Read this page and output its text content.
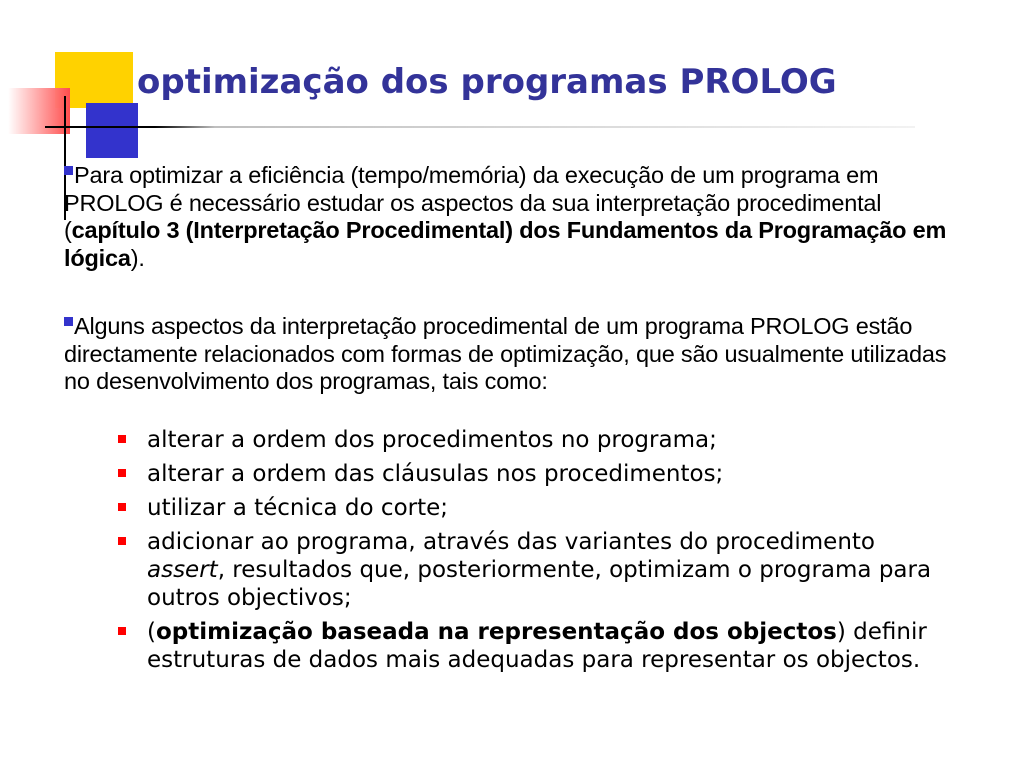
optimização dos programas PROLOG

Para optimizar a eficiência (tempo/memória) da execução de um programa em PROLOG é necessário estudar os aspectos da sua interpretação procedimental (capítulo 3 (Interpretação Procedimental) dos Fundamentos da Programação em lógica).

Alguns aspectos da interpretação procedimental de um programa PROLOG estão directamente relacionados com formas de optimização, que são usualmente utilizadas no desenvolvimento dos programas, tais como:

alterar a ordem dos procedimentos no programa;
alterar a ordem das cláusulas nos procedimentos;
utilizar a técnica do corte;
adicionar ao programa, através das variantes do procedimento assert, resultados que, posteriormente, optimizam o programa para outros objectivos;
(optimização baseada na representação dos objectos) definir estruturas de dados mais adequadas para representar os objectos.
